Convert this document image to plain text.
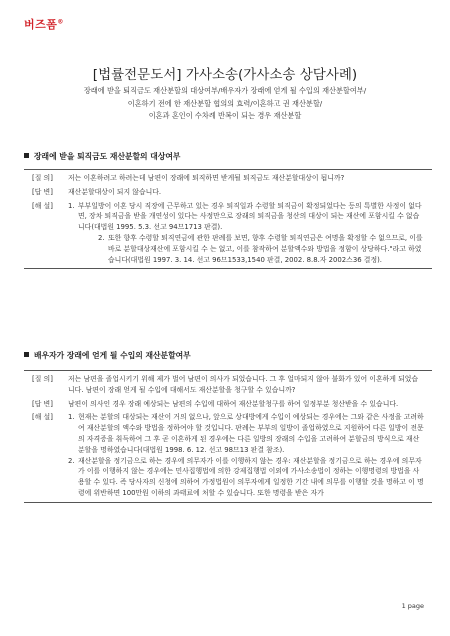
버즈폼®
[법률전문도서] 가사소송(가사소송 상담사례)
장래에 받을 퇴직금도 재산분할의 대상여부/배우자가 장래에 얻게 될 수입의 재산분할여부/
이혼하기 전에 한 재산분할 협의의 효력/이혼하고 권 재산분할/
이혼과 혼인이 수차례 반복이 되는 경우 재산분할
장래에 받을 퇴직금도 재산분할의 대상여부
[질 의]	저는 이혼하려고 하려는데 남편이 장래에 퇴직하면 받게될 퇴직금도 재산분할대상이 됩니까?
[답 변]	재산분할대상이 되지 않습니다.
[해 설]	1. 부부일방이 이혼 당시 직장에 근무하고 있는 경우 퇴직일과 수령할 퇴직금이 확정되었다는 등의 특별한 사정이 없다면, 장차 퇴직금을 받을 개연성이 있다는 사정만으로 장래의 퇴직금을 청산의 대상이 되는 재산에 포함시킬 수 없습니다(대법원 1995. 5.3. 선고 94므1713 판결).
2. 또한 향후 수령할 퇴직연금에 관한 판례를 보면, 향후 수령할 퇴직연금은 여명을 확정할 수 없으므로, 이를 바로 분할대상재산에 포함시킬 수 는 없고, 이를 참작하여 분할액수와 방법을 정함이 상당하다."라고 하였습니다(대법원 1997. 3. 14. 선고 96므1533,1540 판결, 2002. 8.8.자 2002스36 결정).
배우자가 장래에 얻게 될 수입의 재산분할여부
[질 의]	저는 남편을 졸업시키기 위해 제가 벌어 남편이 의사가 되었습니다. 그 후 얼마되지 않아 불화가 있어 이혼하게 되었습니다. 남편이 장래 얻게 될 수입에 대해서도 재산분할을 청구할 수 있습니까?
[답 변]	남편이 의사인 경우 장래 예상되는 남편의 수입에 대하여 재산분할청구를 하여 일정부분 청산받을 수 있습니다.
[해 설]	1. 현재는 분할의 대상되는 재산이 거의 없으나, 앞으로 상대방에게 수입이 예상되는 경우에는 그와 같은 사정을 고려하여 재산분할의 액수와 방법을 정하여야 할 것입니다. 판례는 부부의 일방이 졸업하였으로 지원하여 다른 일방이 전문의 자격증을 취득하여 그 후 곧 이혼하게 된 경우에는 다른 일방의 장래의 수입을 고려하여 분할금의 방식으로 재산분할을 명하였습니다(대법원 1998. 6. 12. 선고 98므13 판결 참조).
2. 재산분할을 정기금으로 하는 경우에 의무자가 이를 이행하지 않는 경우: 재산분할을 정기금으로 하는 경우에 의무자가 이를 이행하지 않는 경우에는 민사집행법에 의한 강제집행법 이외에 가사소송법이 정하는 이행명령의 방법을 사용할 수 있다. 즉 당사자의 신청에 의하여 가정법원이 의무자에게 일정한 기간 내에 의무를 이행할 것을 명하고 이 명령에 위반하면 100만원 이하의 과태료에 처할 수 있습니다. 또한 명령을 받은 자가
1 page
